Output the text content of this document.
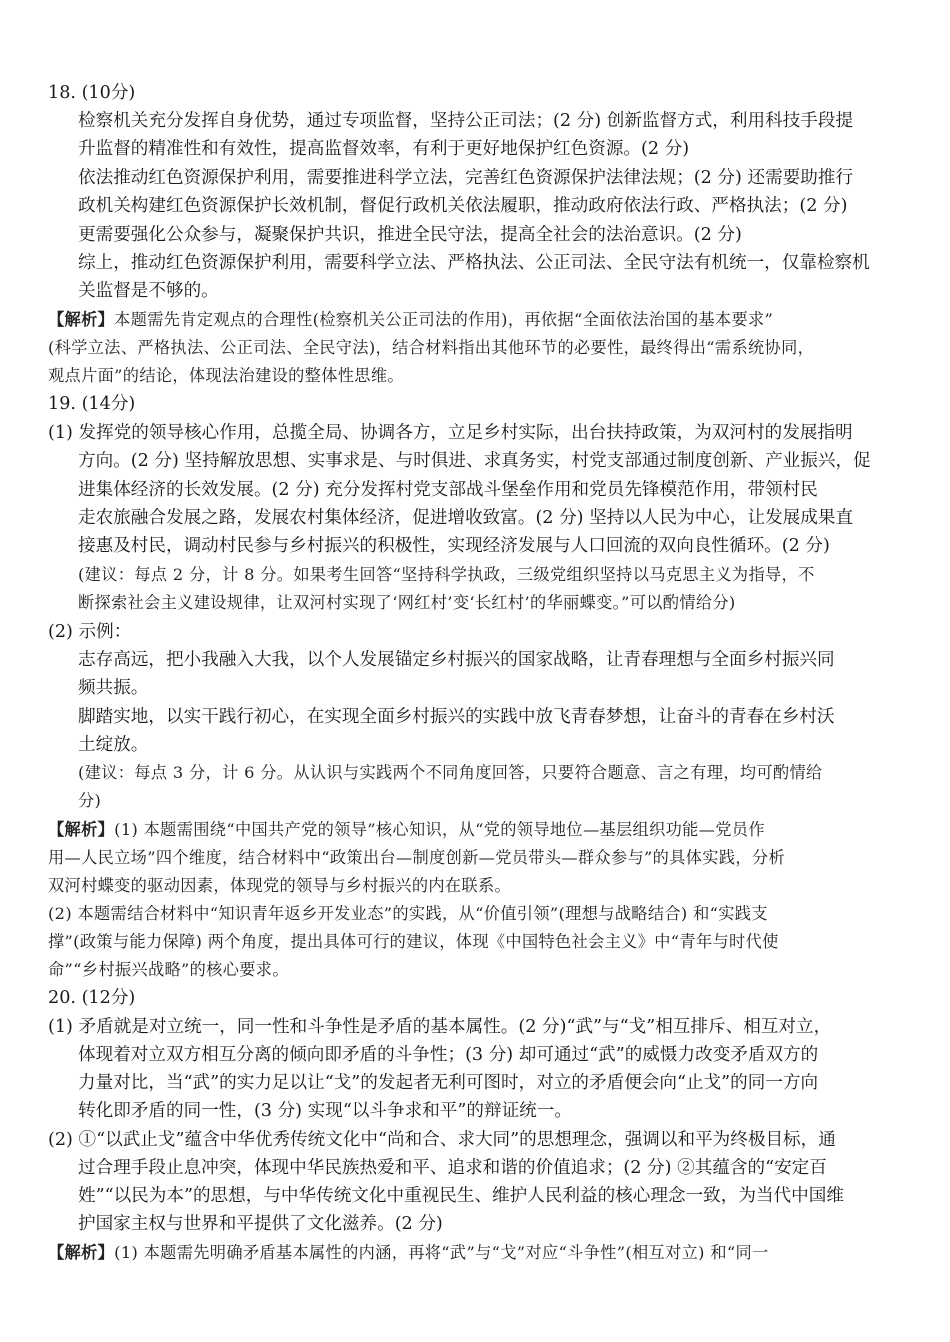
18. (10分)
检察机关充分发挥自身优势，通过专项监督，坚持公正司法；(2 分) 创新监督方式，利用科技手段提
升监督的精准性和有效性，提高监督效率，有利于更好地保护红色资源。(2 分)
依法推动红色资源保护利用，需要推进科学立法，完善红色资源保护法律法规；(2 分) 还需要助推行
政机关构建红色资源保护长效机制，督促行政机关依法履职，推动政府依法行政、严格执法；(2 分)
更需要强化公众参与，凝聚保护共识，推进全民守法，提高全社会的法治意识。(2 分)
综上，推动红色资源保护利用，需要科学立法、严格执法、公正司法、全民守法有机统一，仅靠检察机
关监督是不够的。
【解析】本题需先肯定观点的合理性(检察机关公正司法的作用)，再依据“全面依法治国的基本要求”
(科学立法、严格执法、公正司法、全民守法)，结合材料指出其他环节的必要性，最终得出“需系统协同，
观点片面”的结论，体现法治建设的整体性思维。
19. (14分)
(1) 发挥党的领导核心作用，总揽全局、协调各方，立足乡村实际，出台扶持政策，为双河村的发展指明
方向。(2 分) 坚持解放思想、实事求是、与时俱进、求真务实，村党支部通过制度创新、产业振兴，促
进集体经济的长效发展。(2 分) 充分发挥村党支部战斗堡垒作用和党员先锋模范作用，带领村民
走农旅融合发展之路，发展农村集体经济，促进增收致富。(2 分) 坚持以人民为中心，让发展成果直
接惠及村民，调动村民参与乡村振兴的积极性，实现经济发展与人口回流的双向良性循环。(2 分)
(建议：每点 2 分，计 8 分。如果考生回答“坚持科学执政，三级党组织坚持以马克思主义为指导，不
断探索社会主义建设规律，让双河村实现了‘网红村’变‘长红村’的华丽蝶变。”可以酌情给分)
(2) 示例：
志存高远，把小我融入大我，以个人发展锚定乡村振兴的国家战略，让青春理想与全面乡村振兴同
频共振。
脚踏实地，以实干践行初心，在实现全面乡村振兴的实践中放飞青春梦想，让奋斗的青春在乡村沃
土绽放。
(建议：每点 3 分，计 6 分。从认识与实践两个不同角度回答，只要符合题意、言之有理，均可酌情给
分)
【解析】(1) 本题需围绕“中国共产党的领导”核心知识，从“党的领导地位—基层组织功能—党员作
用—人民立场”四个维度，结合材料中“政策出台—制度创新—党员带头—群众参与”的具体实践，分析
双河村蝶变的驱动因素，体现党的领导与乡村振兴的内在联系。
(2) 本题需结合材料中“知识青年返乡开发业态”的实践，从“价值引领”(理想与战略结合) 和“实践支
撑”(政策与能力保障) 两个角度，提出具体可行的建议，体现《中国特色社会主义》中“青年与时代使
命”“乡村振兴战略”的核心要求。
20. (12分)
(1) 矛盾就是对立统一，同一性和斗争性是矛盾的基本属性。(2 分)“武”与“戈”相互排斥、相互对立，
体现着对立双方相互分离的倾向即矛盾的斗争性；(3 分) 却可通过“武”的威慑力改变矛盾双方的
力量对比，当“武”的实力足以让“戈”的发起者无利可图时，对立的矛盾便会向“止戈”的同一方向
转化即矛盾的同一性，(3 分) 实现“以斗争求和平”的辩证统一。
(2) ①“以武止戈”蕴含中华优秀传统文化中“尚和合、求大同”的思想理念，强调以和平为终极目标，通
过合理手段止息冲突，体现中华民族热爱和平、追求和谐的价值追求；(2 分) ②其蕴含的“安定百
姓”“以民为本”的思想，与中华传统文化中重视民生、维护人民利益的核心理念一致，为当代中国维
护国家主权与世界和平提供了文化滋养。(2 分)
【解析】(1) 本题需先明确矛盾基本属性的内涵，再将“武”与“戈”对应“斗争性”(相互对立) 和“同一
